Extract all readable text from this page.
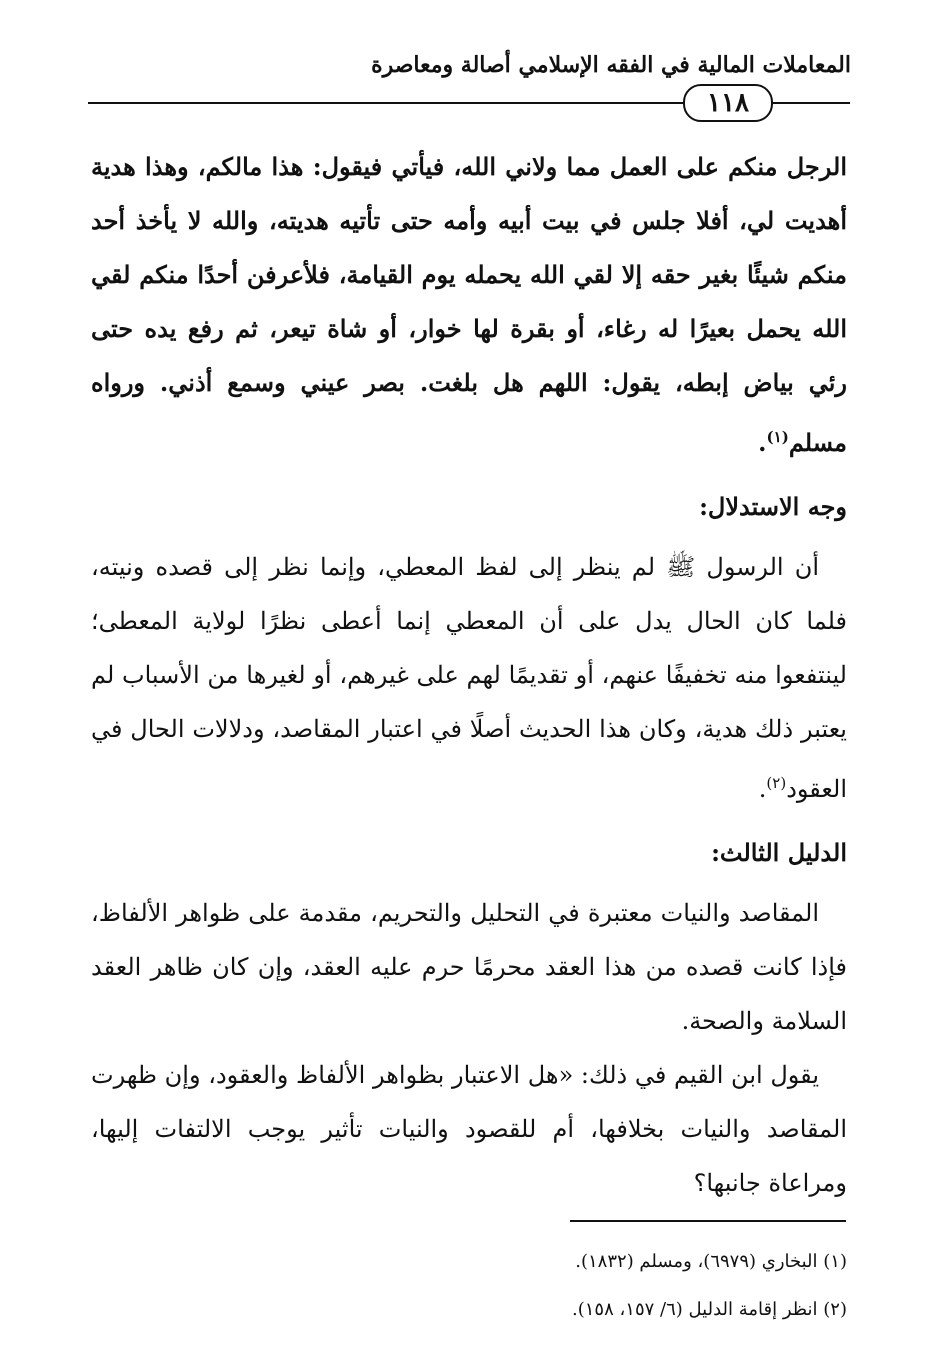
المعاملات المالية في الفقه الإسلامي أصالة ومعاصرة
١١٨

الرجل منكم على العمل مما ولاني الله، فيأتي فيقول: هذا مالكم، وهذا هدية أهديت لي، أفلا جلس في بيت أبيه وأمه حتى تأتيه هديته، والله لا يأخذ أحد منكم شيئًا بغير حقه إلا لقي الله يحمله يوم القيامة، فلأعرفن أحدًا منكم لقي الله يحمل بعيرًا له رغاء، أو بقرة لها خوار، أو شاة تيعر، ثم رفع يده حتى رئي بياض إبطه، يقول: اللهم هل بلغت. بصر عيني وسمع أذني. ورواه مسلم$^{(١)}$.

وجه الاستدلال:

أن الرسول ﷺ لم ينظر إلى لفظ المعطي، وإنما نظر إلى قصده ونيته، فلما كان الحال يدل على أن المعطي إنما أعطى نظرًا لولاية المعطى؛ لينتفعوا منه تخفيفًا عنهم، أو تقديمًا لهم على غيرهم، أو لغيرها من الأسباب لم يعتبر ذلك هدية، وكان هذا الحديث أصلًا في اعتبار المقاصد، ودلالات الحال في العقود$^{(٢)}$.

الدليل الثالث:

المقاصد والنيات معتبرة في التحليل والتحريم، مقدمة على ظواهر الألفاظ، فإذا كانت قصده من هذا العقد محرمًا حرم عليه العقد، وإن كان ظاهر العقد السلامة والصحة.

يقول ابن القيم في ذلك: «هل الاعتبار بظواهر الألفاظ والعقود، وإن ظهرت المقاصد والنيات بخلافها، أم للقصود والنيات تأثير يوجب الالتفات إليها، ومراعاة جانبها؟

(١) البخاري (٦٩٧٩)، ومسلم (١٨٣٢).

(٢) انظر إقامة الدليل (٦/ ١٥٧، ١٥٨).
